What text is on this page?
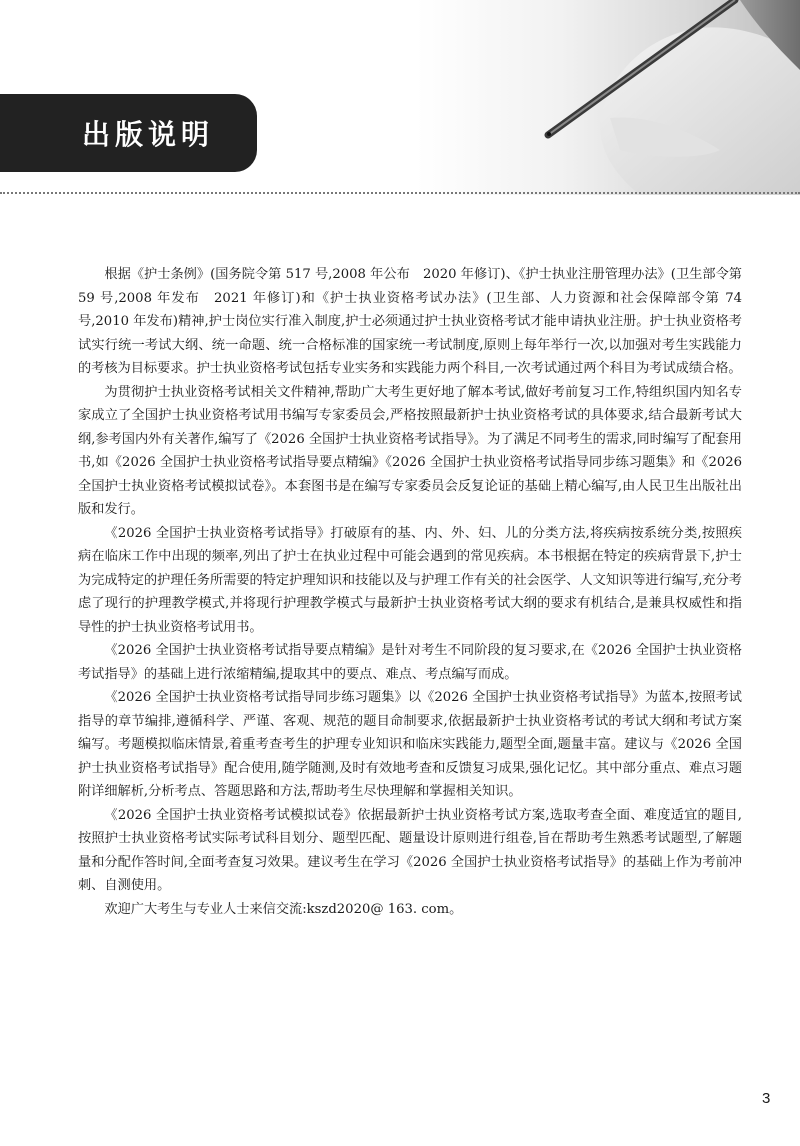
出版说明

根据《护士条例》(国务院令第 517 号,2008 年公布　2020 年修订)、《护士执业注册管理办法》(卫生部令第 59 号,2008 年发布　2021 年修订)和《护士执业资格考试办法》(卫生部、人力资源和社会保障部令第 74 号,2010 年发布)精神,护士岗位实行准入制度,护士必须通过护士执业资格考试才能申请执业注册。护士执业资格考试实行统一考试大纲、统一命题、统一合格标准的国家统一考试制度,原则上每年举行一次,以加强对考生实践能力的考核为目标要求。护士执业资格考试包括专业实务和实践能力两个科目,一次考试通过两个科目为考试成绩合格。

为贯彻护士执业资格考试相关文件精神,帮助广大考生更好地了解本考试,做好考前复习工作,特组织国内知名专家成立了全国护士执业资格考试用书编写专家委员会,严格按照最新护士执业资格考试的具体要求,结合最新考试大纲,参考国内外有关著作,编写了《2026 全国护士执业资格考试指导》。为了满足不同考生的需求,同时编写了配套用书,如《2026 全国护士执业资格考试指导要点精编》《2026 全国护士执业资格考试指导同步练习题集》和《2026 全国护士执业资格考试模拟试卷》。本套图书是在编写专家委员会反复论证的基础上精心编写,由人民卫生出版社出版和发行。

《2026 全国护士执业资格考试指导》打破原有的基、内、外、妇、儿的分类方法,将疾病按系统分类,按照疾病在临床工作中出现的频率,列出了护士在执业过程中可能会遇到的常见疾病。本书根据在特定的疾病背景下,护士为完成特定的护理任务所需要的特定护理知识和技能以及与护理工作有关的社会医学、人文知识等进行编写,充分考虑了现行的护理教学模式,并将现行护理教学模式与最新护士执业资格考试大纲的要求有机结合,是兼具权威性和指导性的护士执业资格考试用书。

《2026 全国护士执业资格考试指导要点精编》是针对考生不同阶段的复习要求,在《2026 全国护士执业资格考试指导》的基础上进行浓缩精编,提取其中的要点、难点、考点编写而成。

《2026 全国护士执业资格考试指导同步练习题集》以《2026 全国护士执业资格考试指导》为蓝本,按照考试指导的章节编排,遵循科学、严谨、客观、规范的题目命制要求,依据最新护士执业资格考试的考试大纲和考试方案编写。考题模拟临床情景,着重考查考生的护理专业知识和临床实践能力,题型全面,题量丰富。建议与《2026 全国护士执业资格考试指导》配合使用,随学随测,及时有效地考查和反馈复习成果,强化记忆。其中部分重点、难点习题附详细解析,分析考点、答题思路和方法,帮助考生尽快理解和掌握相关知识。

《2026 全国护士执业资格考试模拟试卷》依据最新护士执业资格考试方案,选取考查全面、难度适宜的题目,按照护士执业资格考试实际考试科目划分、题型匹配、题量设计原则进行组卷,旨在帮助考生熟悉考试题型,了解题量和分配作答时间,全面考查复习效果。建议考生在学习《2026 全国护士执业资格考试指导》的基础上作为考前冲刺、自测使用。

欢迎广大考生与专业人士来信交流:kszd2020@ 163. com。

3
